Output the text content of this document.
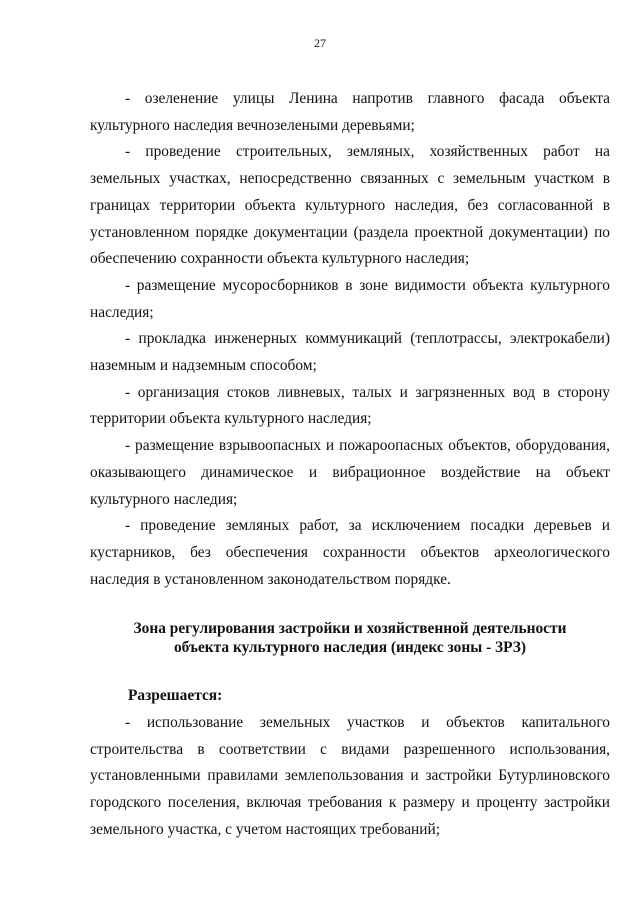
27

- озеленение улицы Ленина напротив главного фасада объекта культурного наследия вечнозелеными деревьями;

- проведение строительных, земляных, хозяйственных работ на земельных участках, непосредственно связанных с земельным участком в границах территории объекта культурного наследия, без согласованной в установленном порядке документации (раздела проектной документации) по обеспечению сохранности объекта культурного наследия;

- размещение мусоросборников в зоне видимости объекта культурного наследия;

- прокладка инженерных коммуникаций (теплотрассы, электрокабели) наземным и надземным способом;

- организация стоков ливневых, талых и загрязненных вод в сторону территории объекта культурного наследия;

- размещение взрывоопасных и пожароопасных объектов, оборудования, оказывающего динамическое и вибрационное воздействие на объект культурного наследия;

- проведение земляных работ, за исключением посадки деревьев и кустарников, без обеспечения сохранности объектов археологического наследия в установленном законодательством порядке.

Зона регулирования застройки и хозяйственной деятельности
объекта культурного наследия (индекс зоны - ЗРЗ)
Разрешается:

- использование земельных участков и объектов капитального строительства в соответствии с видами разрешенного использования, установленными правилами землепользования и застройки Бутурлиновского городского поселения, включая требования к размеру и проценту застройки земельного участка, с учетом настоящих требований;
